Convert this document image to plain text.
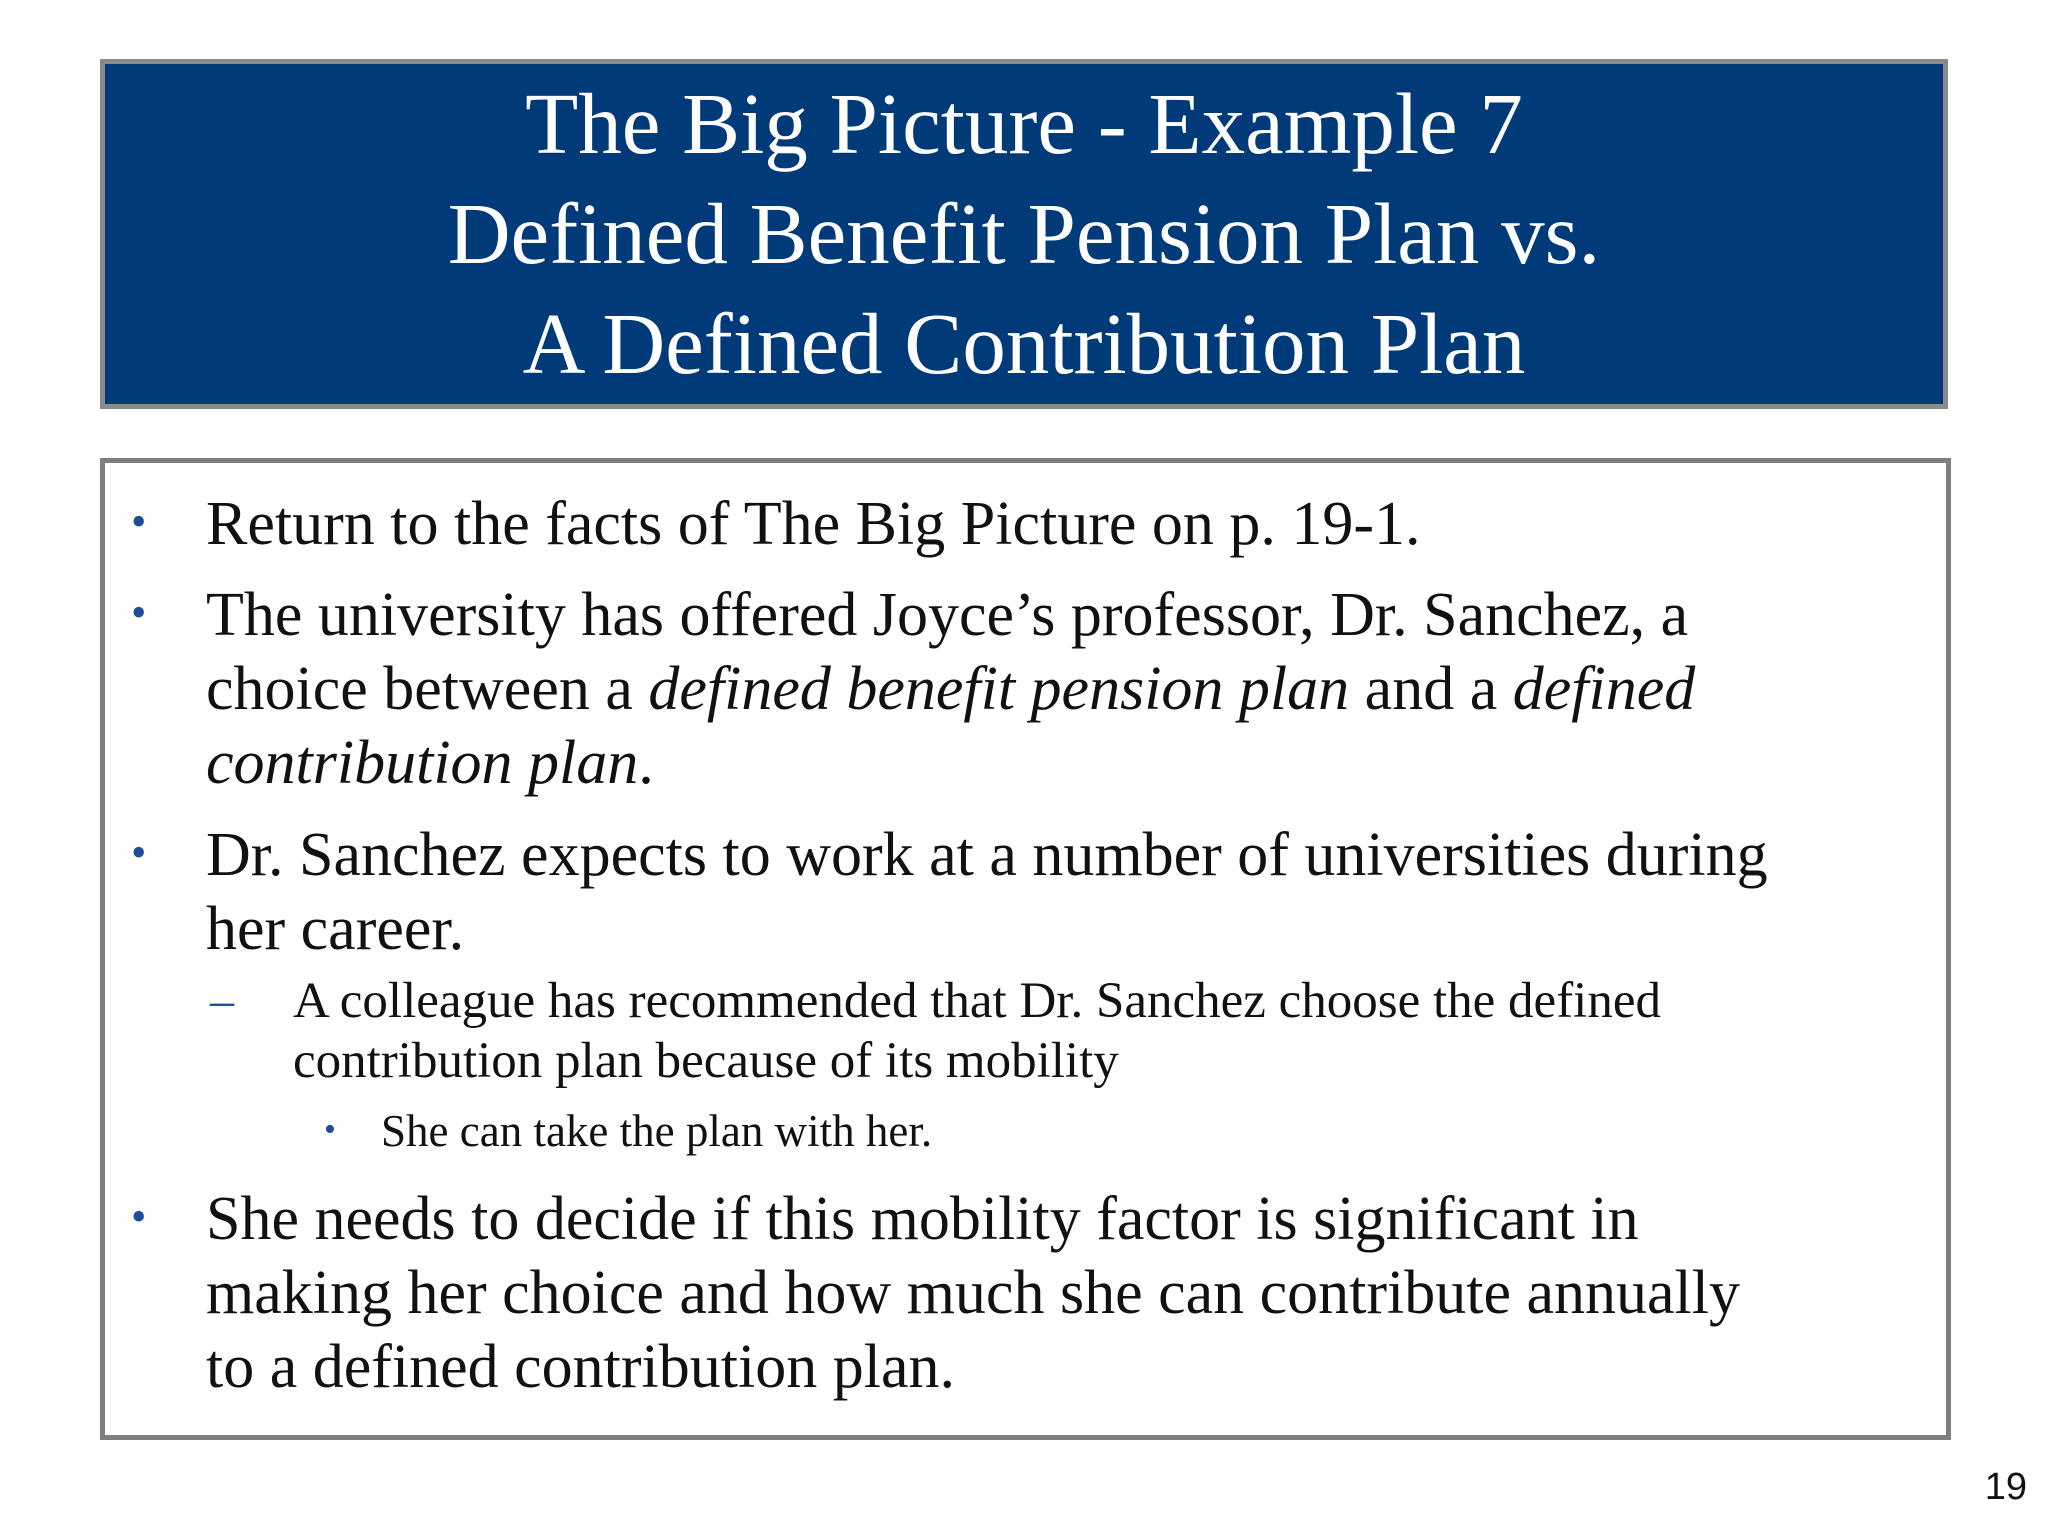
The Big Picture - Example 7
Defined Benefit Pension Plan vs.
A Defined Contribution Plan
• Return to the facts of The Big Picture on p. 19-1.
• The university has offered Joyce’s professor, Dr. Sanchez, a
choice between a defined benefit pension plan and a defined
contribution plan.
• Dr. Sanchez expects to work at a number of universities during
her career.
– A colleague has recommended that Dr. Sanchez choose the defined
contribution plan because of its mobility
• She can take the plan with her.
• She needs to decide if this mobility factor is significant in
making her choice and how much she can contribute annually
to a defined contribution plan.
19
